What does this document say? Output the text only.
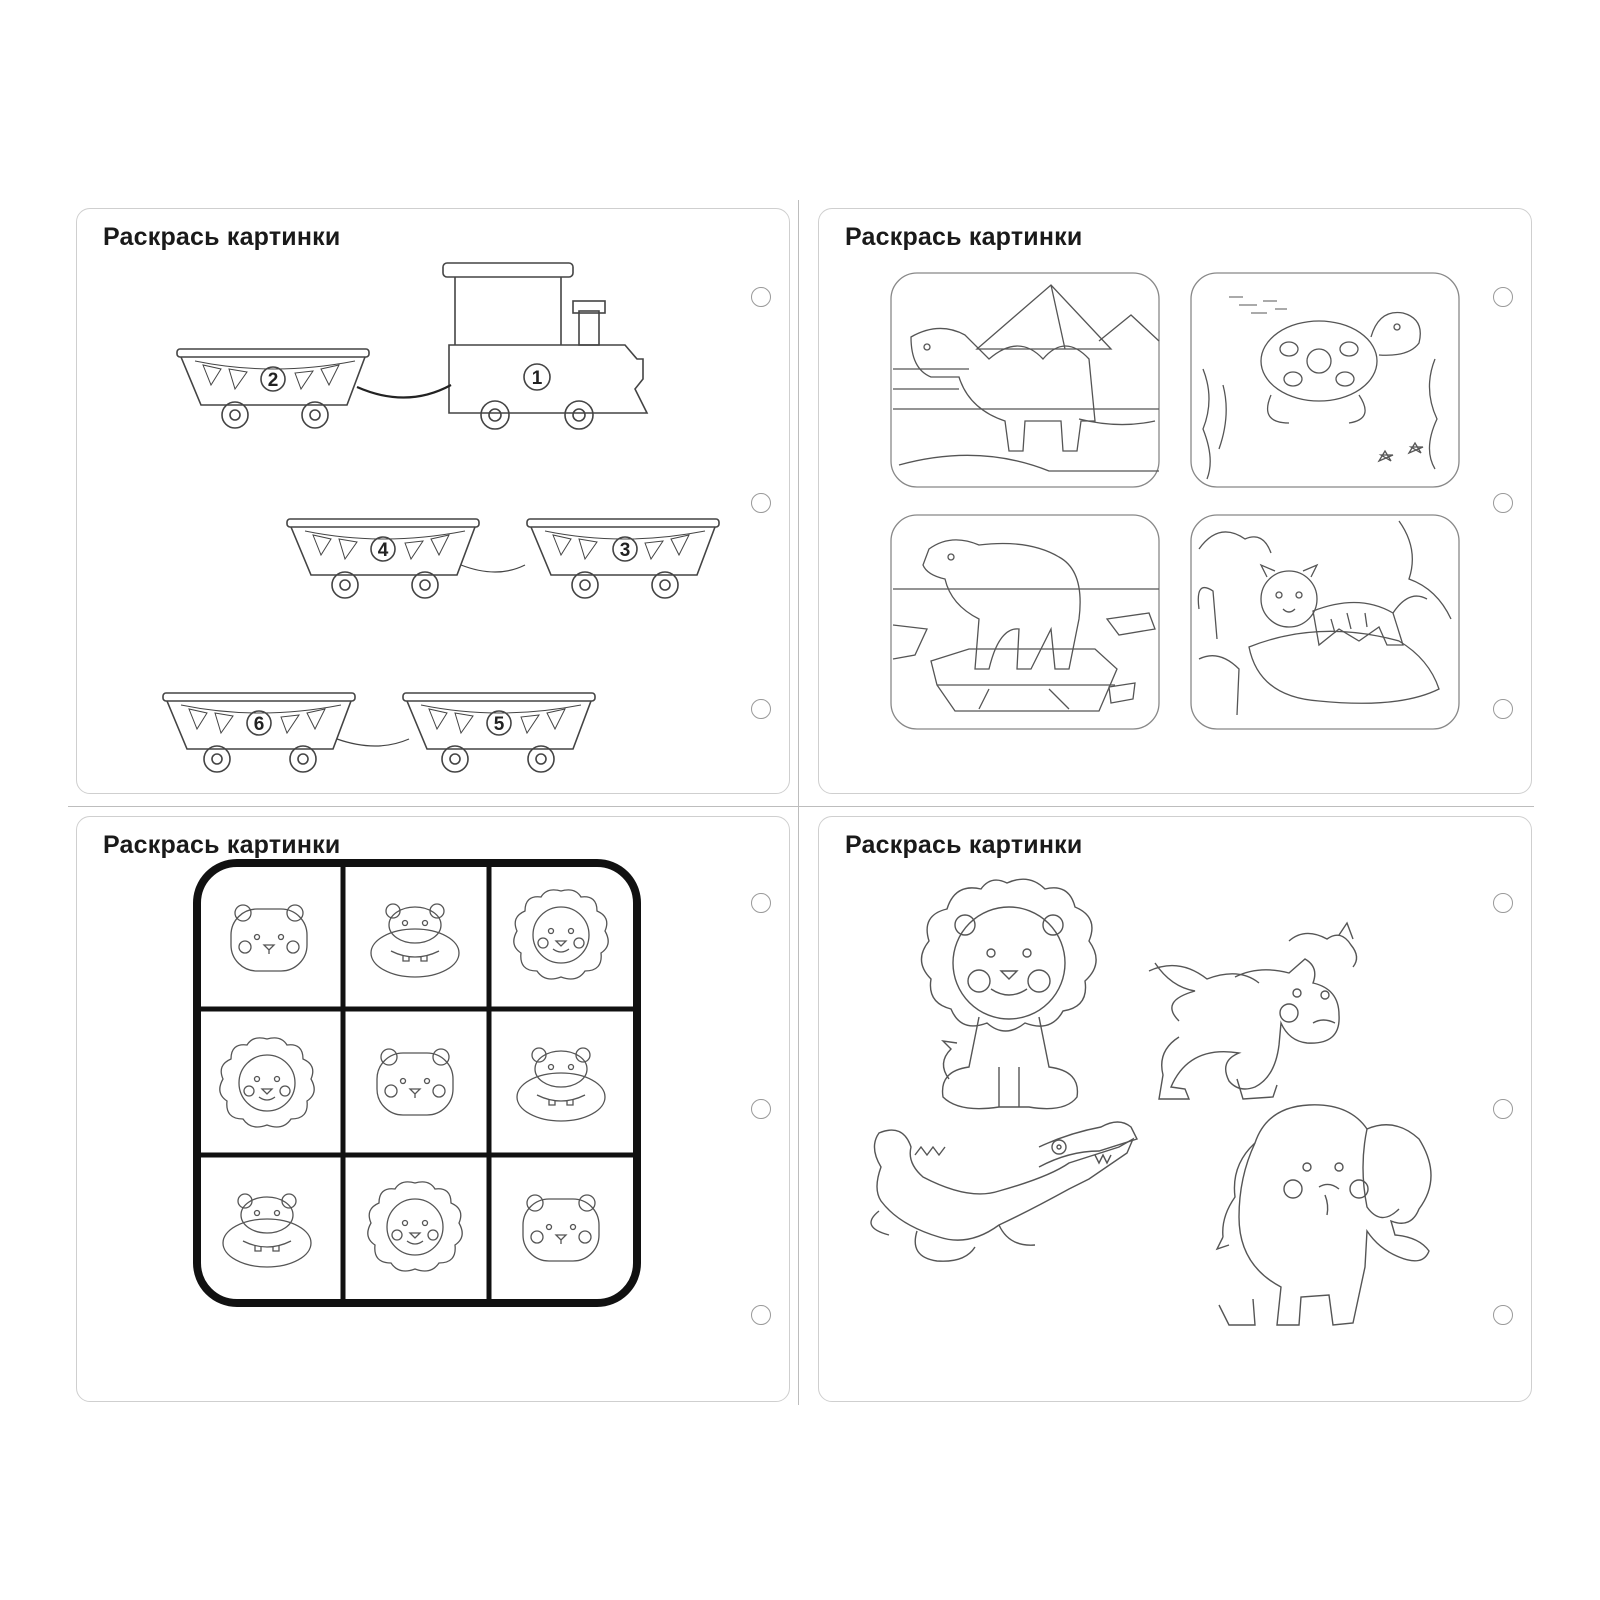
Раскрась картинки
1
2
4	3
6	5
Раскрась картинки
Раскрась картинки	Раскрась картинки
